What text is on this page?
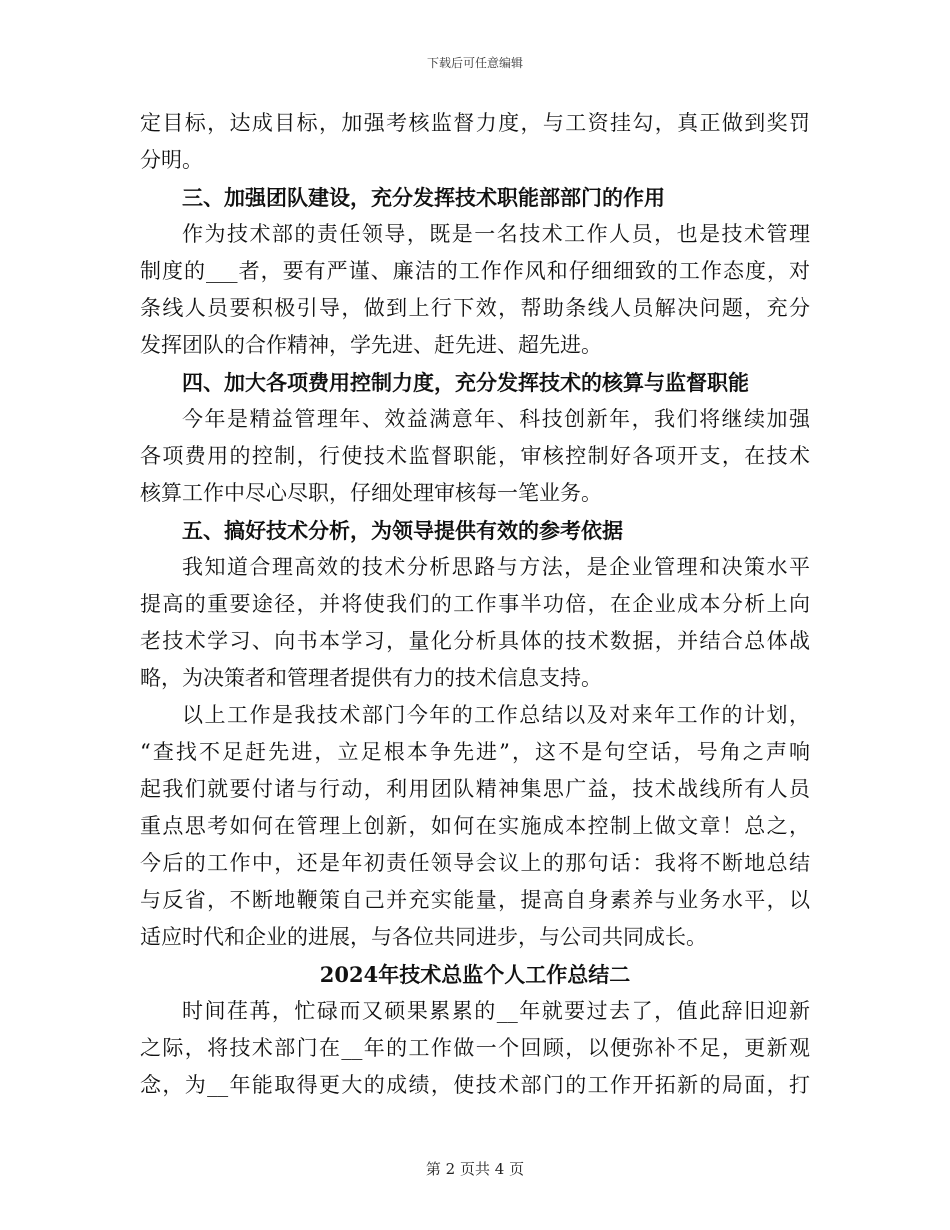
下载后可任意编辑
定目标，达成目标，加强考核监督力度，与工资挂勾，真正做到奖罚
分明。
三、加强团队建设，充分发挥技术职能部部门的作用
作为技术部的责任领导，既是一名技术工作人员，也是技术管理
制度的___者，要有严谨、廉洁的工作作风和仔细细致的工作态度，对
条线人员要积极引导，做到上行下效，帮助条线人员解决问题，充分
发挥团队的合作精神，学先进、赶先进、超先进。
四、加大各项费用控制力度，充分发挥技术的核算与监督职能
今年是精益管理年、效益满意年、科技创新年，我们将继续加强
各项费用的控制，行使技术监督职能，审核控制好各项开支，在技术
核算工作中尽心尽职，仔细处理审核每一笔业务。
五、搞好技术分析，为领导提供有效的参考依据
我知道合理高效的技术分析思路与方法，是企业管理和决策水平
提高的重要途径，并将使我们的工作事半功倍，在企业成本分析上向
老技术学习、向书本学习，量化分析具体的技术数据，并结合总体战
略，为决策者和管理者提供有力的技术信息支持。
以上工作是我技术部门今年的工作总结以及对来年工作的计划，
“查找不足赶先进，立足根本争先进”，这不是句空话，号角之声响
起我们就要付诸与行动，利用团队精神集思广益，技术战线所有人员
重点思考如何在管理上创新，如何在实施成本控制上做文章！总之，
今后的工作中，还是年初责任领导会议上的那句话：我将不断地总结
与反省，不断地鞭策自己并充实能量，提高自身素养与业务水平，以
适应时代和企业的进展，与各位共同进步，与公司共同成长。
2024年技术总监个人工作总结二
时间荏苒，忙碌而又硕果累累的__年就要过去了，值此辞旧迎新
之际，将技术部门在__年的工作做一个回顾，以便弥补不足，更新观
念，为__年能取得更大的成绩，使技术部门的工作开拓新的局面，打
第 2 页共 4 页
